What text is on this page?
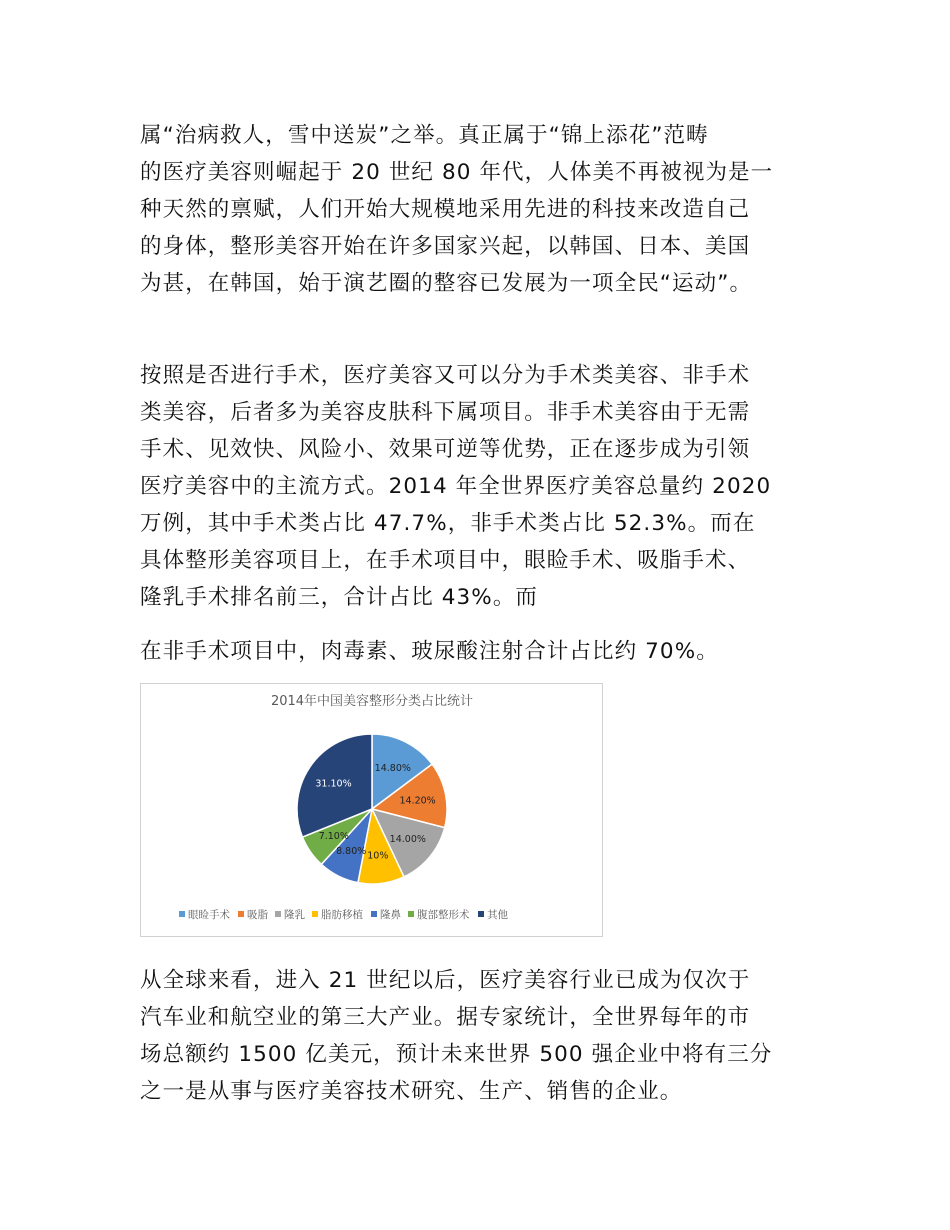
属“治病救人，雪中送炭”之举。真正属于“锦上添花”范畴
的医疗美容则崛起于 20 世纪 80 年代，人体美不再被视为是一
种天然的禀赋，人们开始大规模地采用先进的科技来改造自己
的身体，整形美容开始在许多国家兴起，以韩国、日本、美国
为甚，在韩国，始于演艺圈的整容已发展为一项全民“运动”。

按照是否进行手术，医疗美容又可以分为手术类美容、非手术
类美容，后者多为美容皮肤科下属项目。非手术美容由于无需
手术、见效快、风险小、效果可逆等优势，正在逐步成为引领
医疗美容中的主流方式。2014 年全世界医疗美容总量约 2020
万例，其中手术类占比 47.7%，非手术类占比 52.3%。而在
具体整形美容项目上，在手术项目中，眼睑手术、吸脂手术、
隆乳手术排名前三，合计占比 43%。而

在非手术项目中，肉毒素、玻尿酸注射合计占比约 70%。

2014年中国美容整形分类占比统计
14.80%
14.20%
14.00%
10%
8.80%
7.10%
31.10%
眼睑手术 吸脂 隆乳 脂肪移植 隆鼻 腹部整形术 其他

从全球来看，进入 21 世纪以后，医疗美容行业已成为仅次于
汽车业和航空业的第三大产业。据专家统计，全世界每年的市
场总额约 1500 亿美元，预计未来世界 500 强企业中将有三分
之一是从事与医疗美容技术研究、生产、销售的企业。
